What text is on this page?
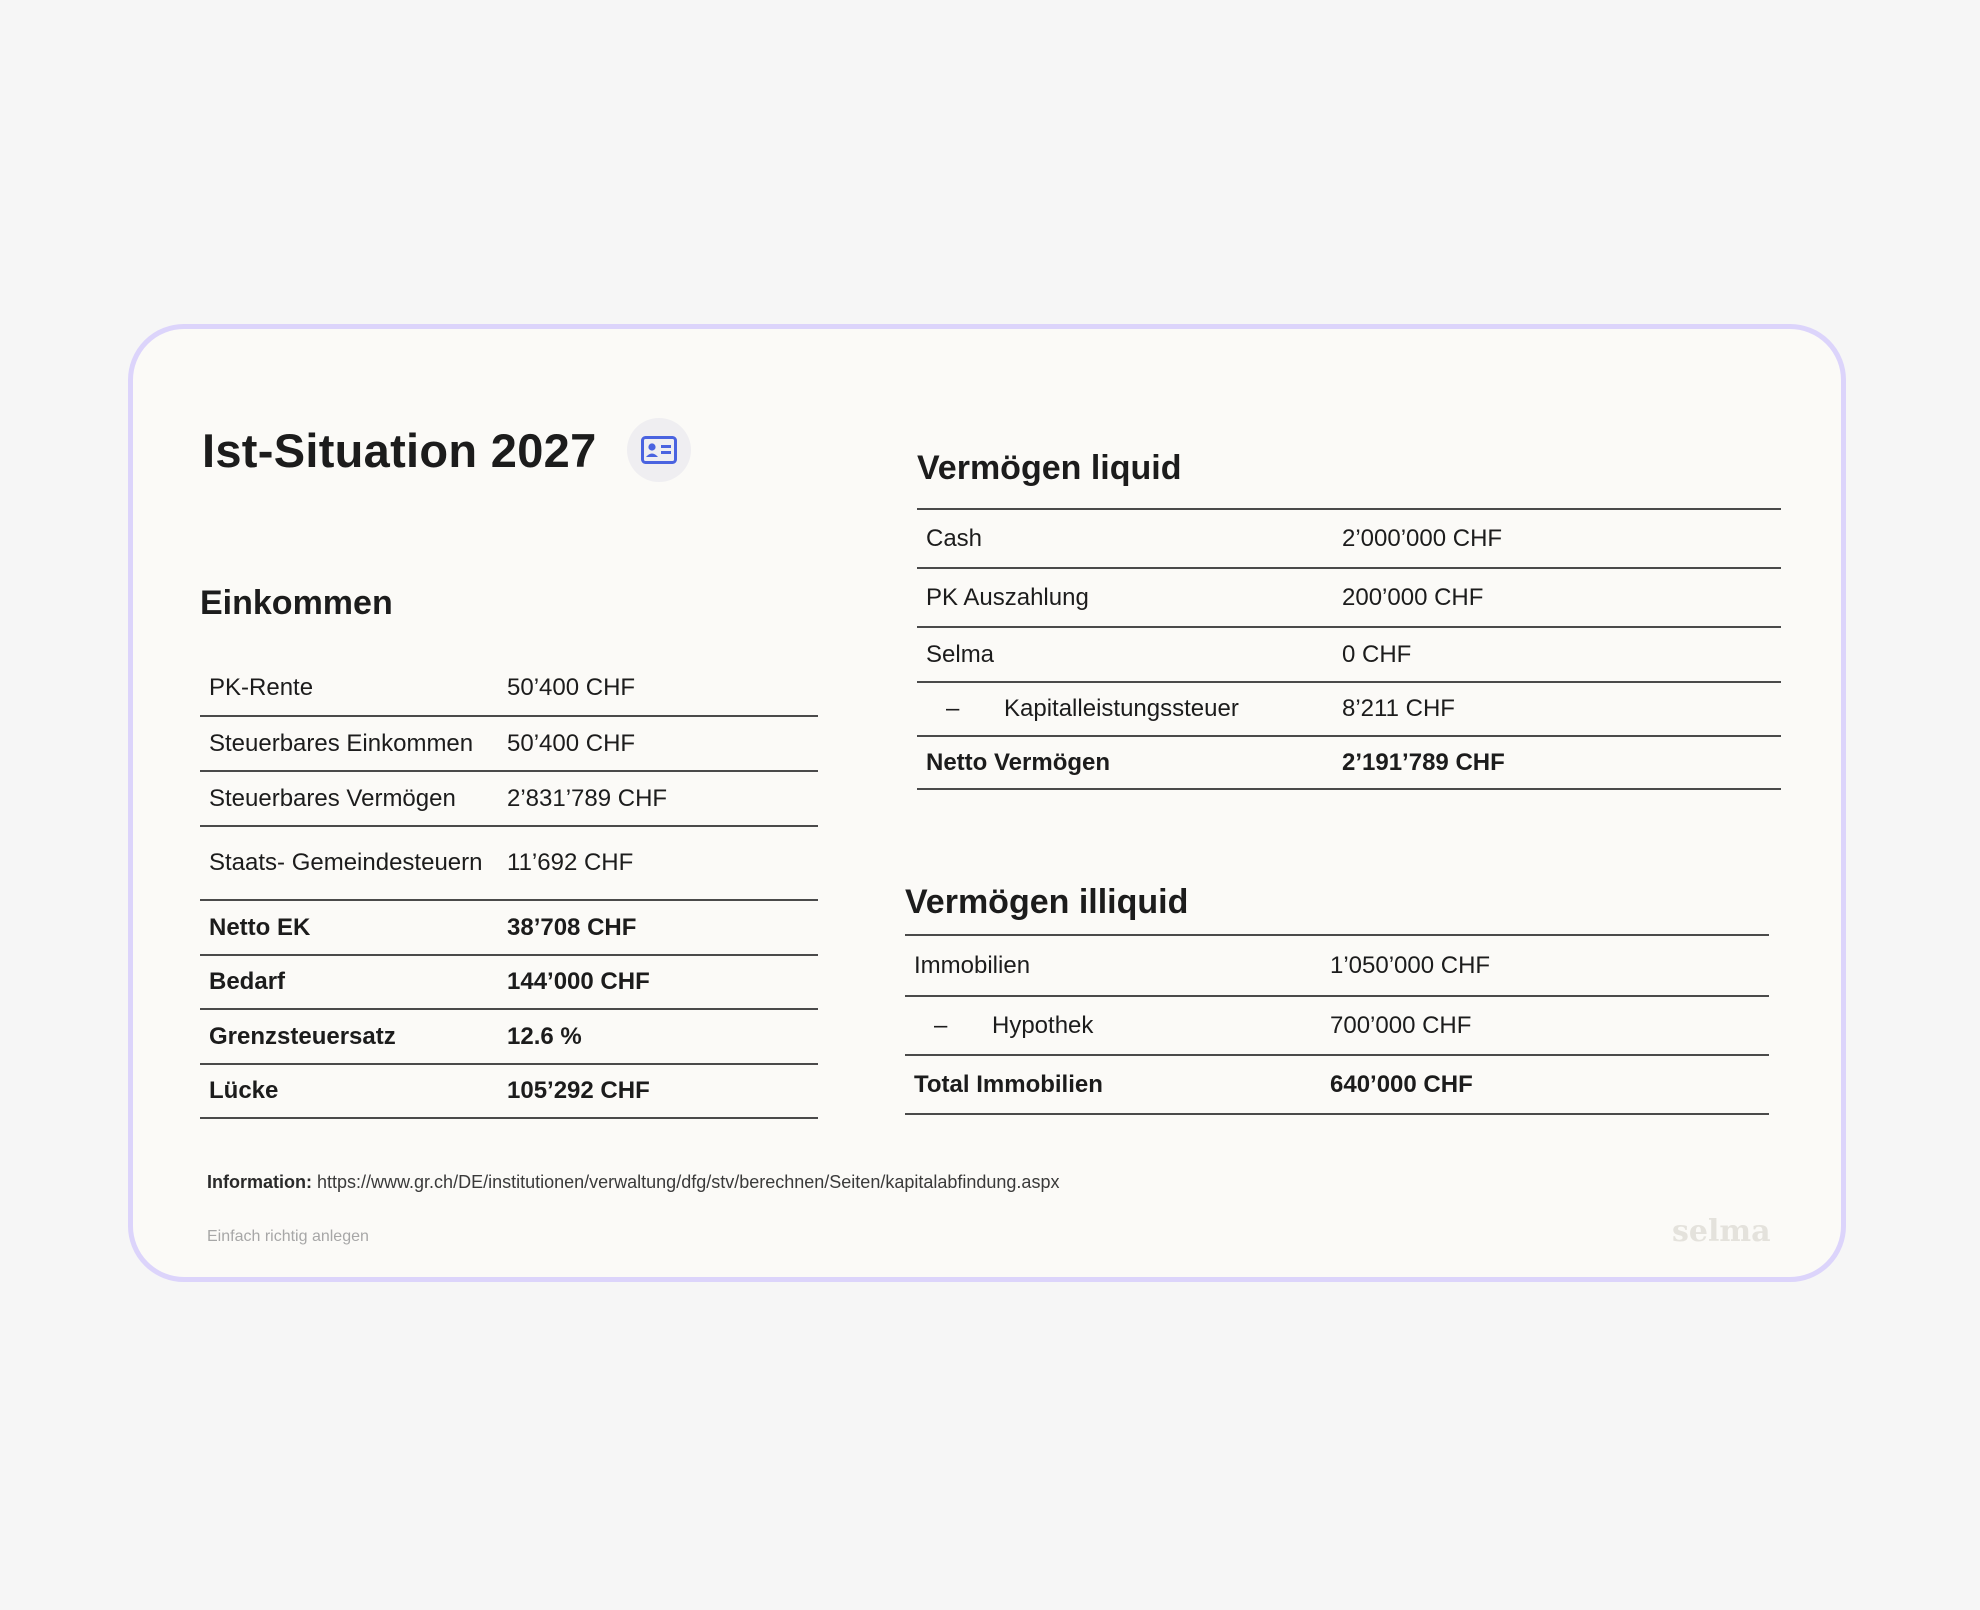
Ist-Situation 2027
Einkommen
PK-Rente	50’400 CHF
Steuerbares Einkommen	50’400 CHF
Steuerbares Vermögen	2’831’789 CHF
Staats- Gemeindesteuern	11’692 CHF
Netto EK	38’708 CHF
Bedarf	144’000 CHF
Grenzsteuersatz	12.6 %
Lücke	105’292 CHF
Vermögen liquid
Cash	2’000’000 CHF
PK Auszahlung	200’000 CHF
Selma	0 CHF
– Kapitalleistungssteuer	8’211 CHF
Netto Vermögen	2’191’789 CHF
Vermögen illiquid
Immobilien	1’050’000 CHF
– Hypothek	700’000 CHF
Total Immobilien	640’000 CHF
Information: https://www.gr.ch/DE/institutionen/verwaltung/dfg/stv/berechnen/Seiten/kapitalabfindung.aspx
Einfach richtig anlegen	selma
